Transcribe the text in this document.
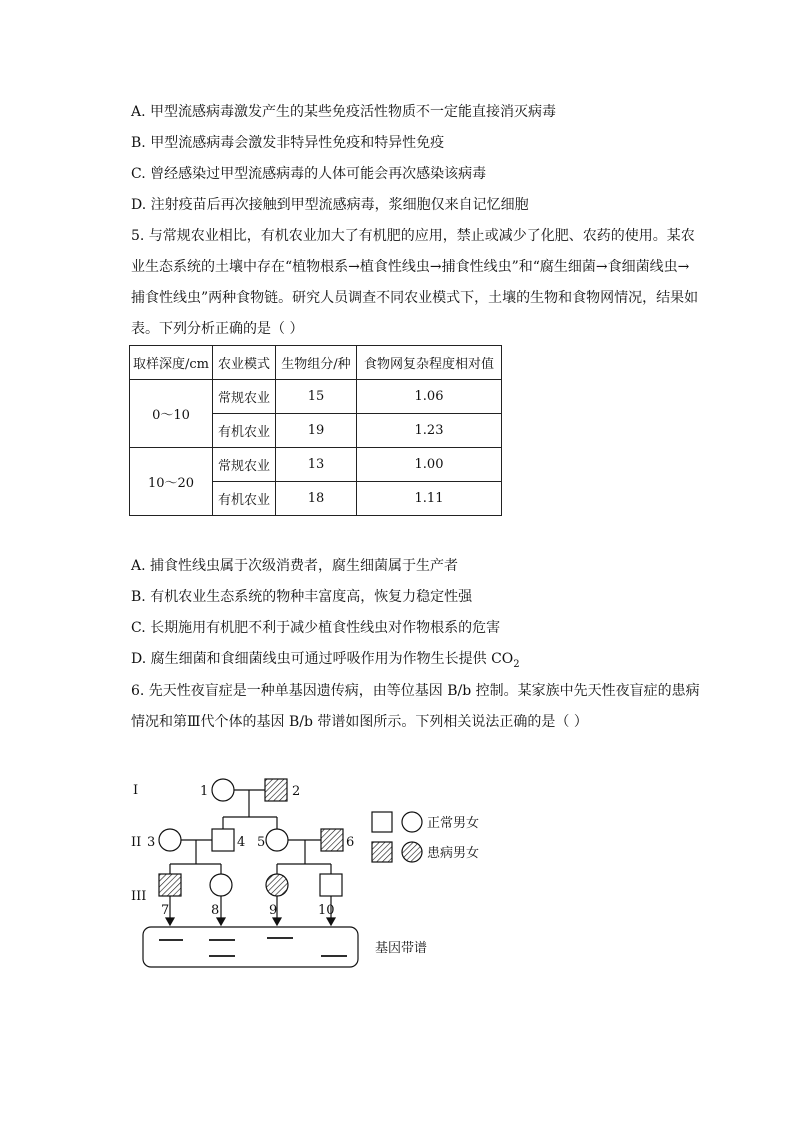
A. 甲型流感病毒激发产生的某些免疫活性物质不一定能直接消灭病毒
B. 甲型流感病毒会激发非特异性免疫和特异性免疫
C. 曾经感染过甲型流感病毒的人体可能会再次感染该病毒
D. 注射疫苗后再次接触到甲型流感病毒，浆细胞仅来自记忆细胞
5. 与常规农业相比，有机农业加大了有机肥的应用，禁止或减少了化肥、农药的使用。某农业生态系统的土壤中存在“植物根系→植食性线虫→捕食性线虫”和“腐生细菌→食细菌线虫→捕食性线虫”两种食物链。研究人员调查不同农业模式下，土壤的生物和食物网情况，结果如表。下列分析正确的是（ ）
取样深度/cm	农业模式	生物组分/种	食物网复杂程度相对值
0～10	常规农业	15	1.06
	有机农业	19	1.23
10～20	常规农业	13	1.00
	有机农业	18	1.11
A. 捕食性线虫属于次级消费者，腐生细菌属于生产者
B. 有机农业生态系统的物种丰富度高，恢复力稳定性强
C. 长期施用有机肥不利于减少植食性线虫对作物根系的危害
D. 腐生细菌和食细菌线虫可通过呼吸作用为作物生长提供 $CO_2$
6. 先天性夜盲症是一种单基因遗传病，由等位基因 B/b 控制。某家族中先天性夜盲症的患病情况和第Ⅲ代个体的基因 B/b 带谱如图所示。下列相关说法正确的是（ ）
I
II
III
1	2
3	4 5	6
7	8	9	10
基因带谱
正常男女
患病男女
